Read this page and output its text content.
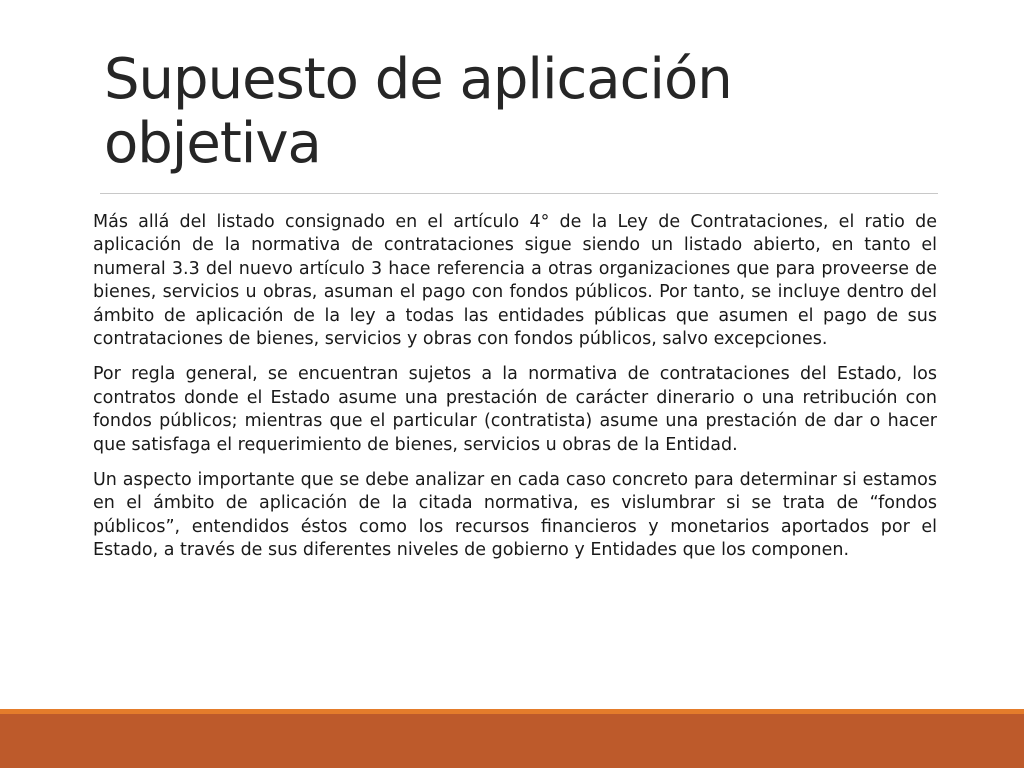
Supuesto de aplicación objetiva

Más allá del listado consignado en el artículo 4° de la Ley de Contrataciones, el ratio de aplicación de la normativa de contrataciones sigue siendo un listado abierto, en tanto el numeral 3.3 del nuevo artículo 3 hace referencia a otras organizaciones que para proveerse de bienes, servicios u obras, asuman el pago con fondos públicos. Por tanto, se incluye dentro del ámbito de aplicación de la ley a todas las entidades públicas que asumen el pago de sus contrataciones de bienes, servicios y obras con fondos públicos, salvo excepciones.

Por regla general, se encuentran sujetos a la normativa de contrataciones del Estado, los contratos donde el Estado asume una prestación de carácter dinerario o una retribución con fondos públicos; mientras que el particular (contratista) asume una prestación de dar o hacer que satisfaga el requerimiento de bienes, servicios u obras de la Entidad.

Un aspecto importante que se debe analizar en cada caso concreto para determinar si estamos en el ámbito de aplicación de la citada normativa, es vislumbrar si se trata de “fondos públicos”, entendidos éstos como los recursos financieros y monetarios aportados por el Estado, a través de sus diferentes niveles de gobierno y Entidades que los componen.
